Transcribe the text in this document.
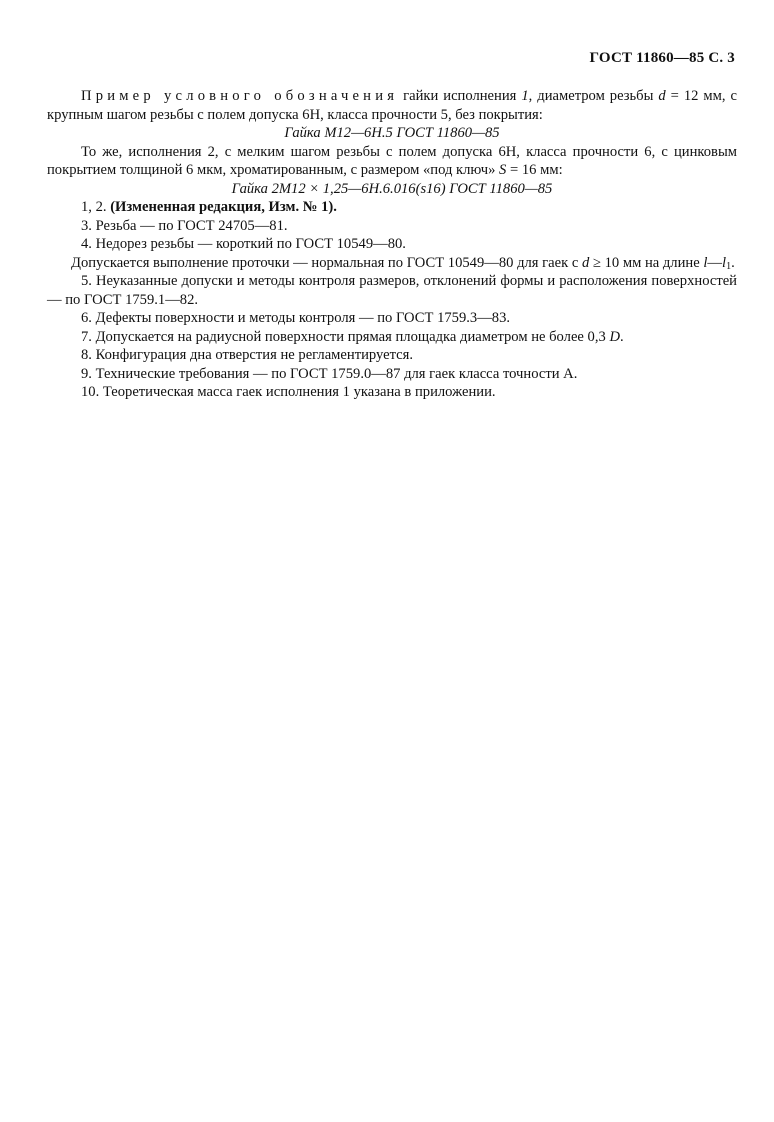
ГОСТ 11860—85 С. 3

Пример условного обозначения гайки исполнения 1, диаметром резьбы d = 12 мм, с крупным шагом резьбы с полем допуска 6Н, класса прочности 5, без покрытия:

Гайка М12—6Н.5 ГОСТ 11860—85

То же, исполнения 2, с мелким шагом резьбы с полем допуска 6Н, класса прочности 6, с цинковым покрытием толщиной 6 мкм, хроматированным, с размером «под ключ» S = 16 мм:

Гайка 2М12 × 1,25—6Н.6.016(s16) ГОСТ 11860—85

1, 2. (Измененная редакция, Изм. № 1).

3. Резьба — по ГОСТ 24705—81.

4. Недорез резьбы — короткий по ГОСТ 10549—80.

Допускается выполнение проточки — нормальная по ГОСТ 10549—80 для гаек с d ≥ 10 мм на длине $l—l_1$.

5. Неуказанные допуски и методы контроля размеров, отклонений формы и расположения поверхностей — по ГОСТ 1759.1—82.

6. Дефекты поверхности и методы контроля — по ГОСТ 1759.3—83.

7. Допускается на радиусной поверхности прямая площадка диаметром не более 0,3 D.

8. Конфигурация дна отверстия не регламентируется.

9. Технические требования — по ГОСТ 1759.0—87 для гаек класса точности А.

10. Теоретическая масса гаек исполнения 1 указана в приложении.
